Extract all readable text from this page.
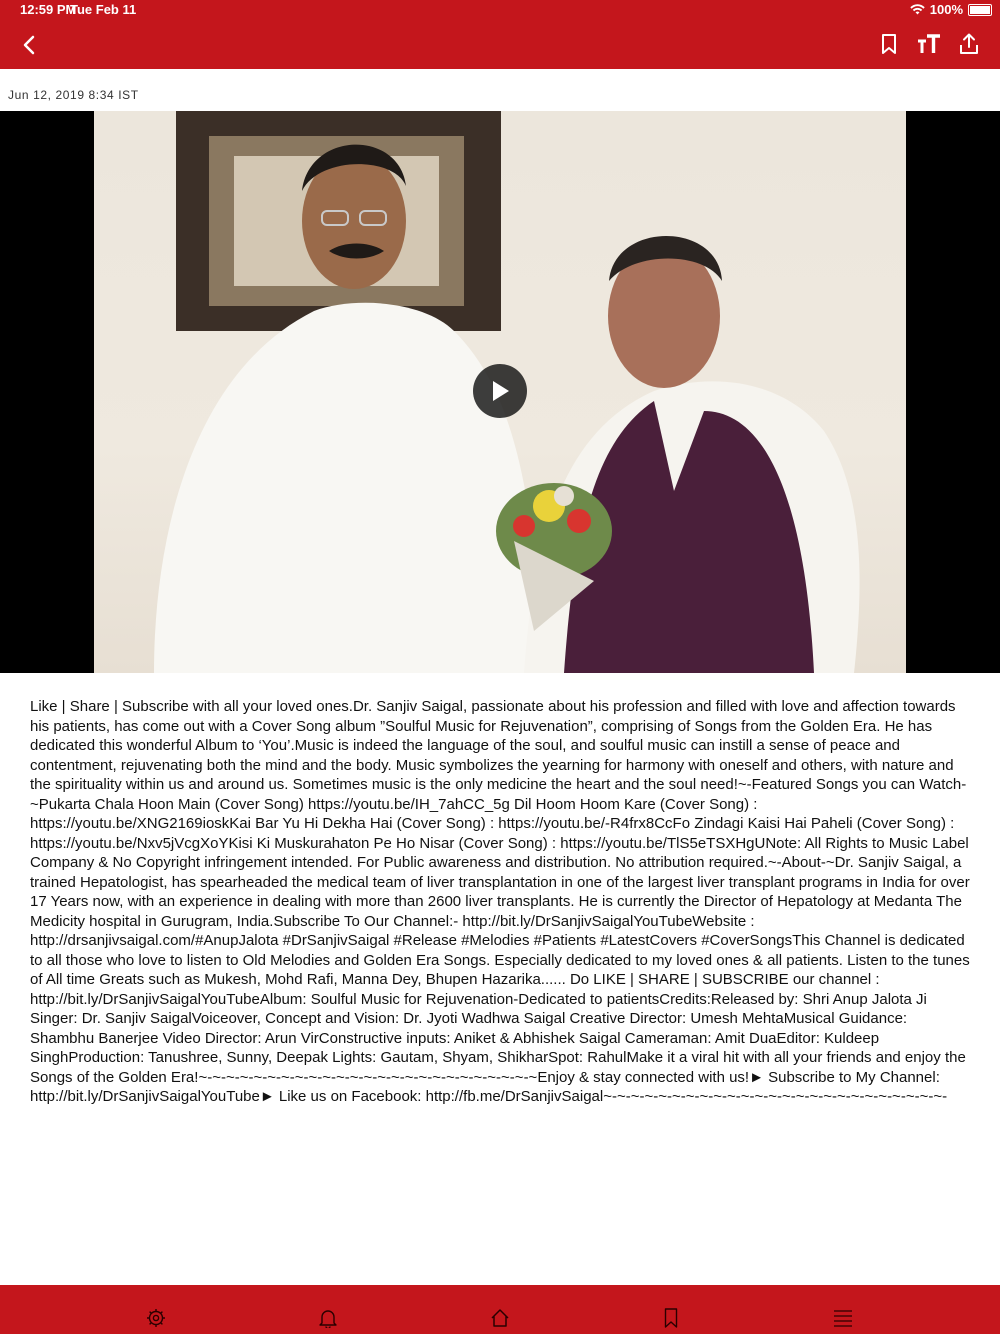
12:59 PM
Tue Feb 11	100%
Jun 12, 2019 8:34 IST
Like | Share | Subscribe with all your loved ones.Dr. Sanjiv Saigal, passionate about his profession and filled with love and affection towards his patients, has come out with a Cover Song album ”Soulful Music for Rejuvenation”, comprising of Songs from the Golden Era. He has dedicated this wonderful Album to ‘You’.Music is indeed the language of the soul, and soulful music can instill a sense of peace and contentment, rejuvenating both the mind and the body. Music symbolizes the yearning for harmony with oneself and others, with nature and the spirituality within us and around us. Sometimes music is the only medicine the heart and the soul need!~-Featured Songs you can Watch-~Pukarta Chala Hoon Main (Cover Song) https://youtu.be/IH_7ahCC_5g Dil Hoom Hoom Kare (Cover Song) : https://youtu.be/XNG2169ioskKai Bar Yu Hi Dekha Hai (Cover Song) : https://youtu.be/-R4frx8CcFo Zindagi Kaisi Hai Paheli (Cover Song) : https://youtu.be/Nxv5jVcgXoYKisi Ki Muskurahaton Pe Ho Nisar (Cover Song) : https://youtu.be/TlS5eTSXHgUNote: All Rights to Music Label Company & No Copyright infringement intended. For Public awareness and distribution. No attribution required.~-About-~Dr. Sanjiv Saigal, a trained Hepatologist, has spearheaded the medical team of liver transplantation in one of the largest liver transplant programs in India for over 17 Years now, with an experience in dealing with more than 2600 liver transplants. He is currently the Director of Hepatology at Medanta The Medicity hospital in Gurugram, India.Subscribe To Our Channel:- http://bit.ly/DrSanjivSaigalYouTubeWebsite : http://drsanjivsaigal.com/#AnupJalota #DrSanjivSaigal #Release #Melodies #Patients #LatestCovers #CoverSongsThis Channel is dedicated to all those who love to listen to Old Melodies and Golden Era Songs. Especially dedicated to my loved ones & all patients. Listen to the tunes of All time Greats such as Mukesh, Mohd Rafi, Manna Dey, Bhupen Hazarika...... Do LIKE | SHARE | SUBSCRIBE our channel : http://bit.ly/DrSanjivSaigalYouTubeAlbum: Soulful Music for Rejuvenation-Dedicated to patientsCredits:Released by: Shri Anup Jalota Ji Singer: Dr. Sanjiv SaigalVoiceover, Concept and Vision: Dr. Jyoti Wadhwa Saigal Creative Director: Umesh MehtaMusical Guidance: Shambhu Banerjee Video Director: Arun VirConstructive inputs: Aniket & Abhishek Saigal Cameraman: Amit DuaEditor: Kuldeep SinghProduction: Tanushree, Sunny, Deepak Lights: Gautam, Shyam, ShikharSpot: RahulMake it a viral hit with all your friends and enjoy the Songs of the Golden Era!~-~-~-~-~-~-~-~-~-~-~-~-~-~-~-~-~-~-~-~-~-~-~-~-~Enjoy & stay connected with us!► Subscribe to My Channel: http://bit.ly/DrSanjivSaigalYouTube► Like us on Facebook: http://fb.me/DrSanjivSaigal~-~-~-~-~-~-~-~-~-~-~-~-~-~-~-~-~-~-~-~-~-~-~-~-~-
